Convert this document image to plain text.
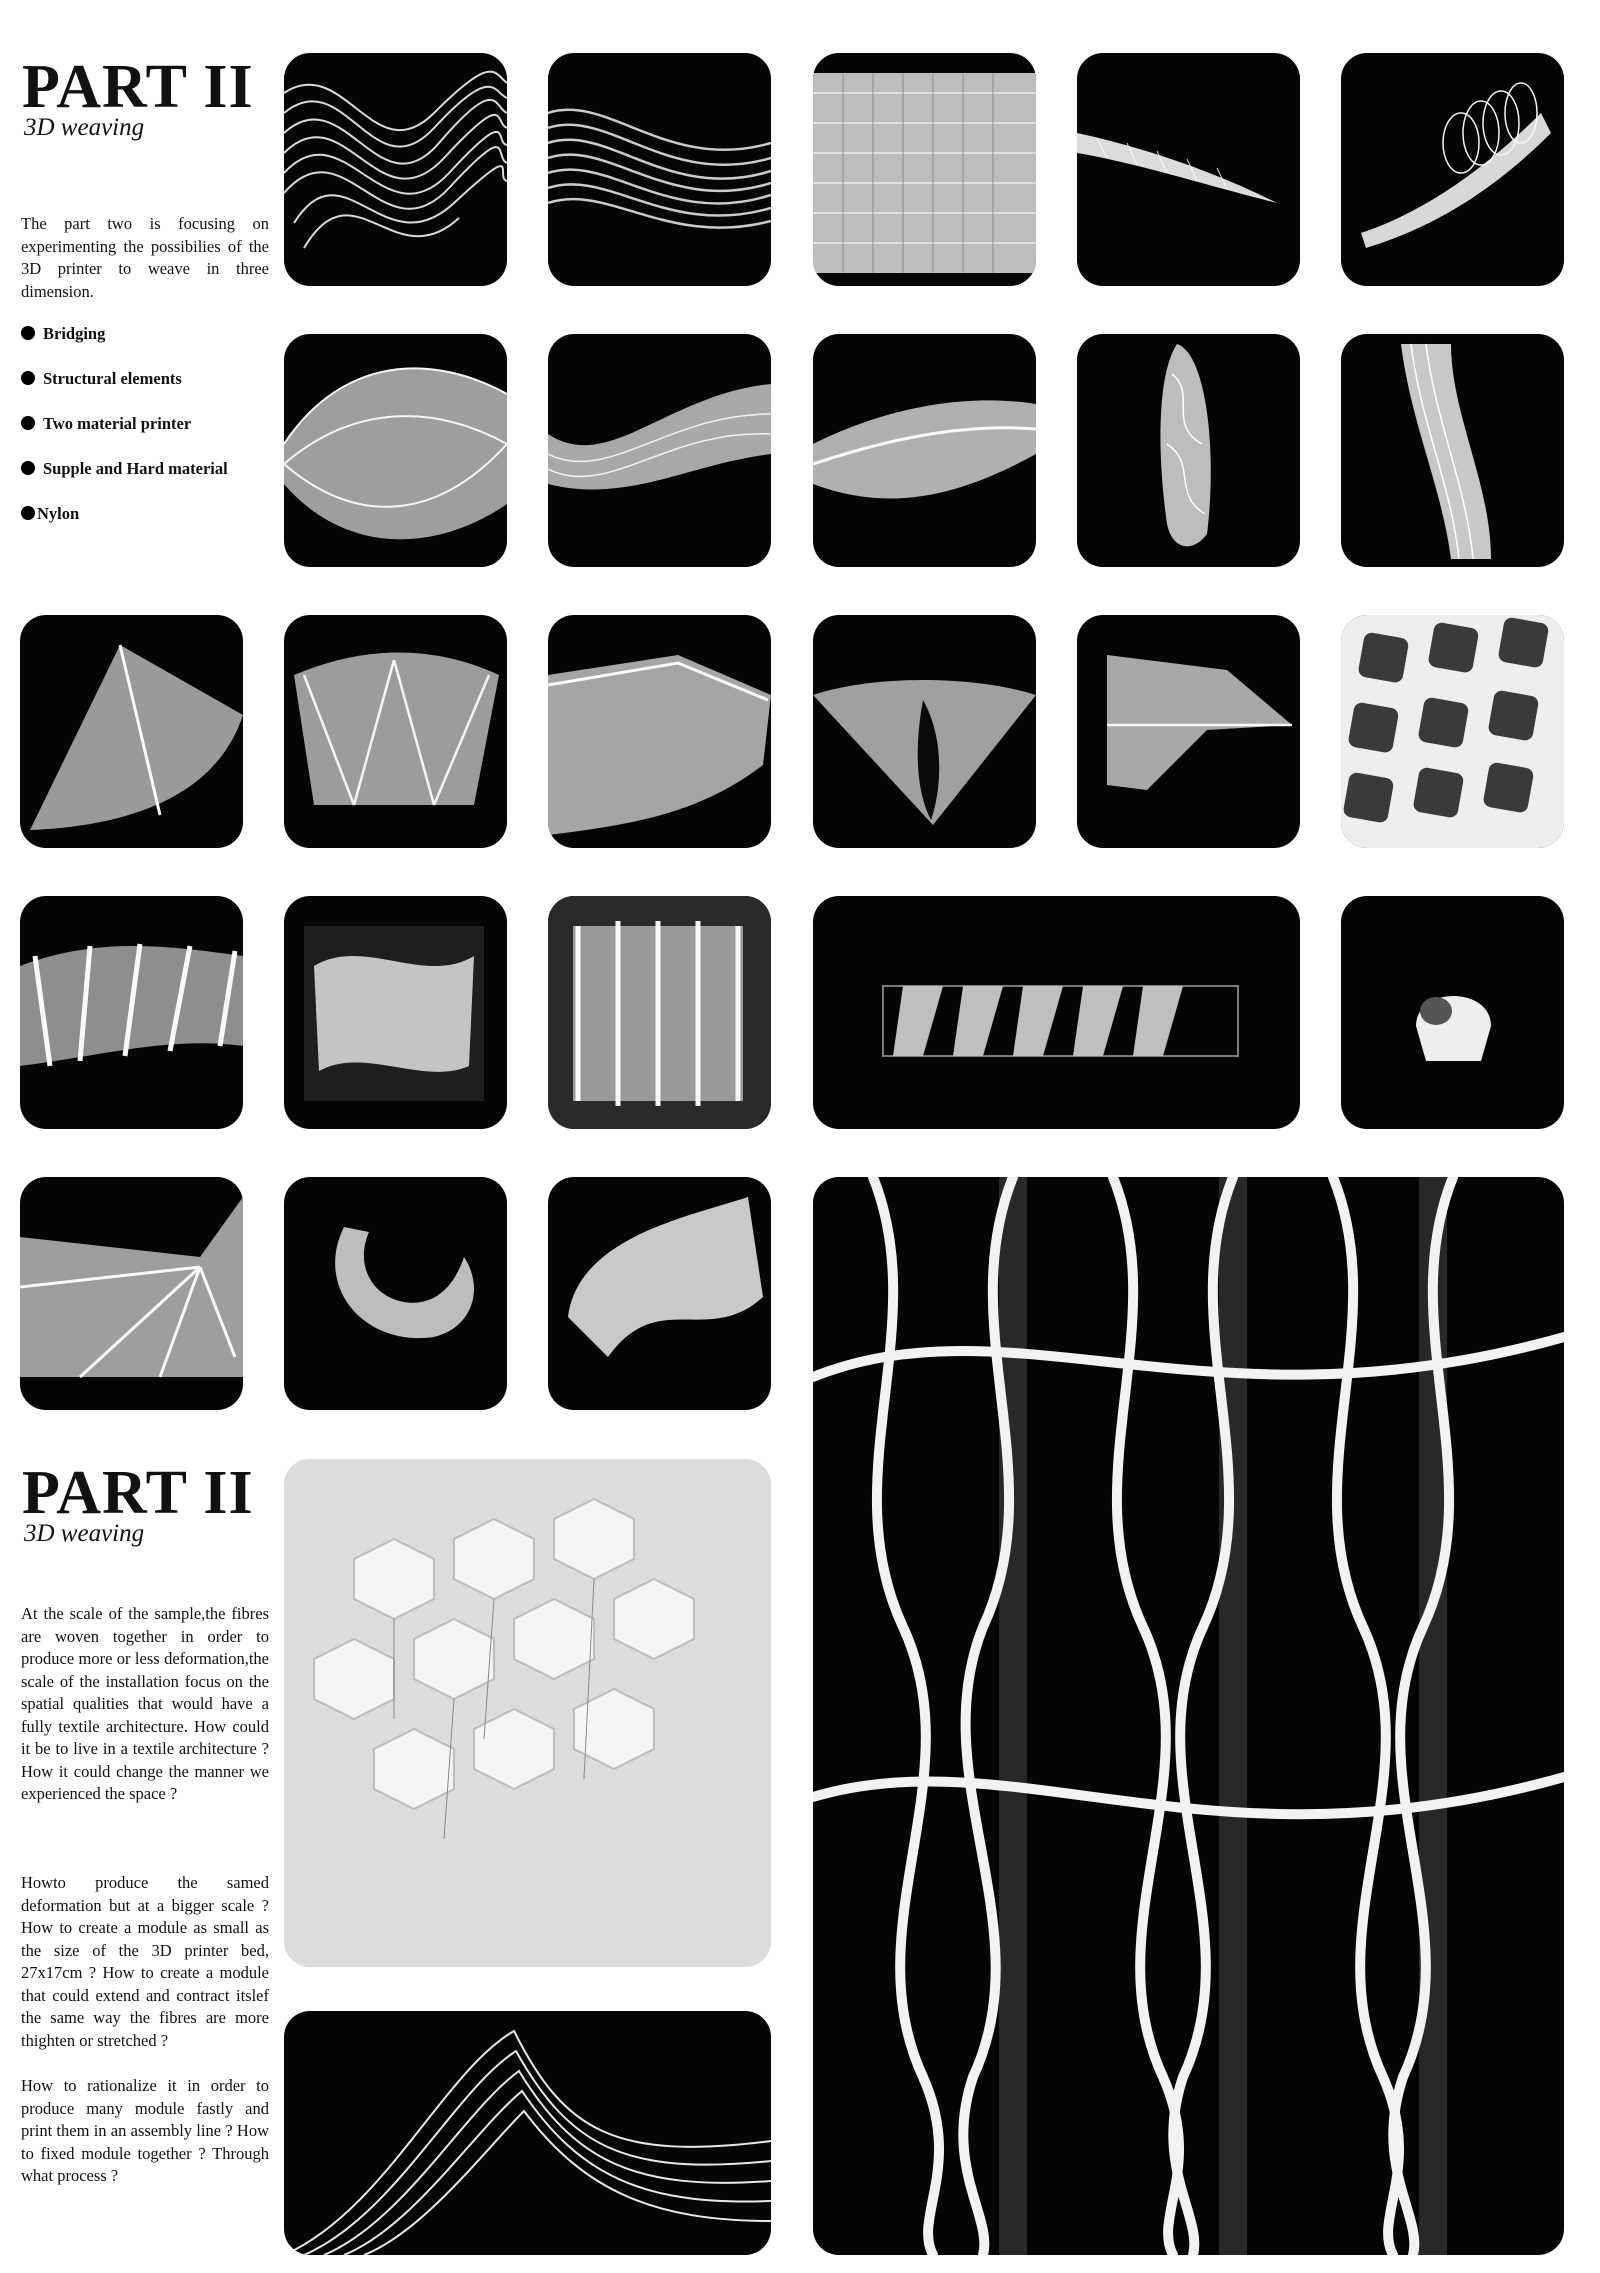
PART II
3D weaving

The part two is focusing on experimenting the possibilies of the 3D printer to weave in three dimension.

Bridging
Structural elements
Two material printer
Supple and Hard material
Nylon
PART II
3D weaving

At the scale of the sample,the fibres are woven together in order to produce more or less deformation,the scale of the installation focus on the spatial qualities that would have a fully textile architecture. How could it be to live in a textile architecture ? How it could change the manner we experienced the space ?

Howto produce the samed deformation but at a bigger scale ? How to create a module as small as the size of the 3D printer bed, 27x17cm ? How to create a module that could extend and contract itslef the same way the fibres are more thighten or stretched ?

How to rationalize it in order to produce many module fastly and print them in an assembly line ? How to fixed module together ? Through what process ?
